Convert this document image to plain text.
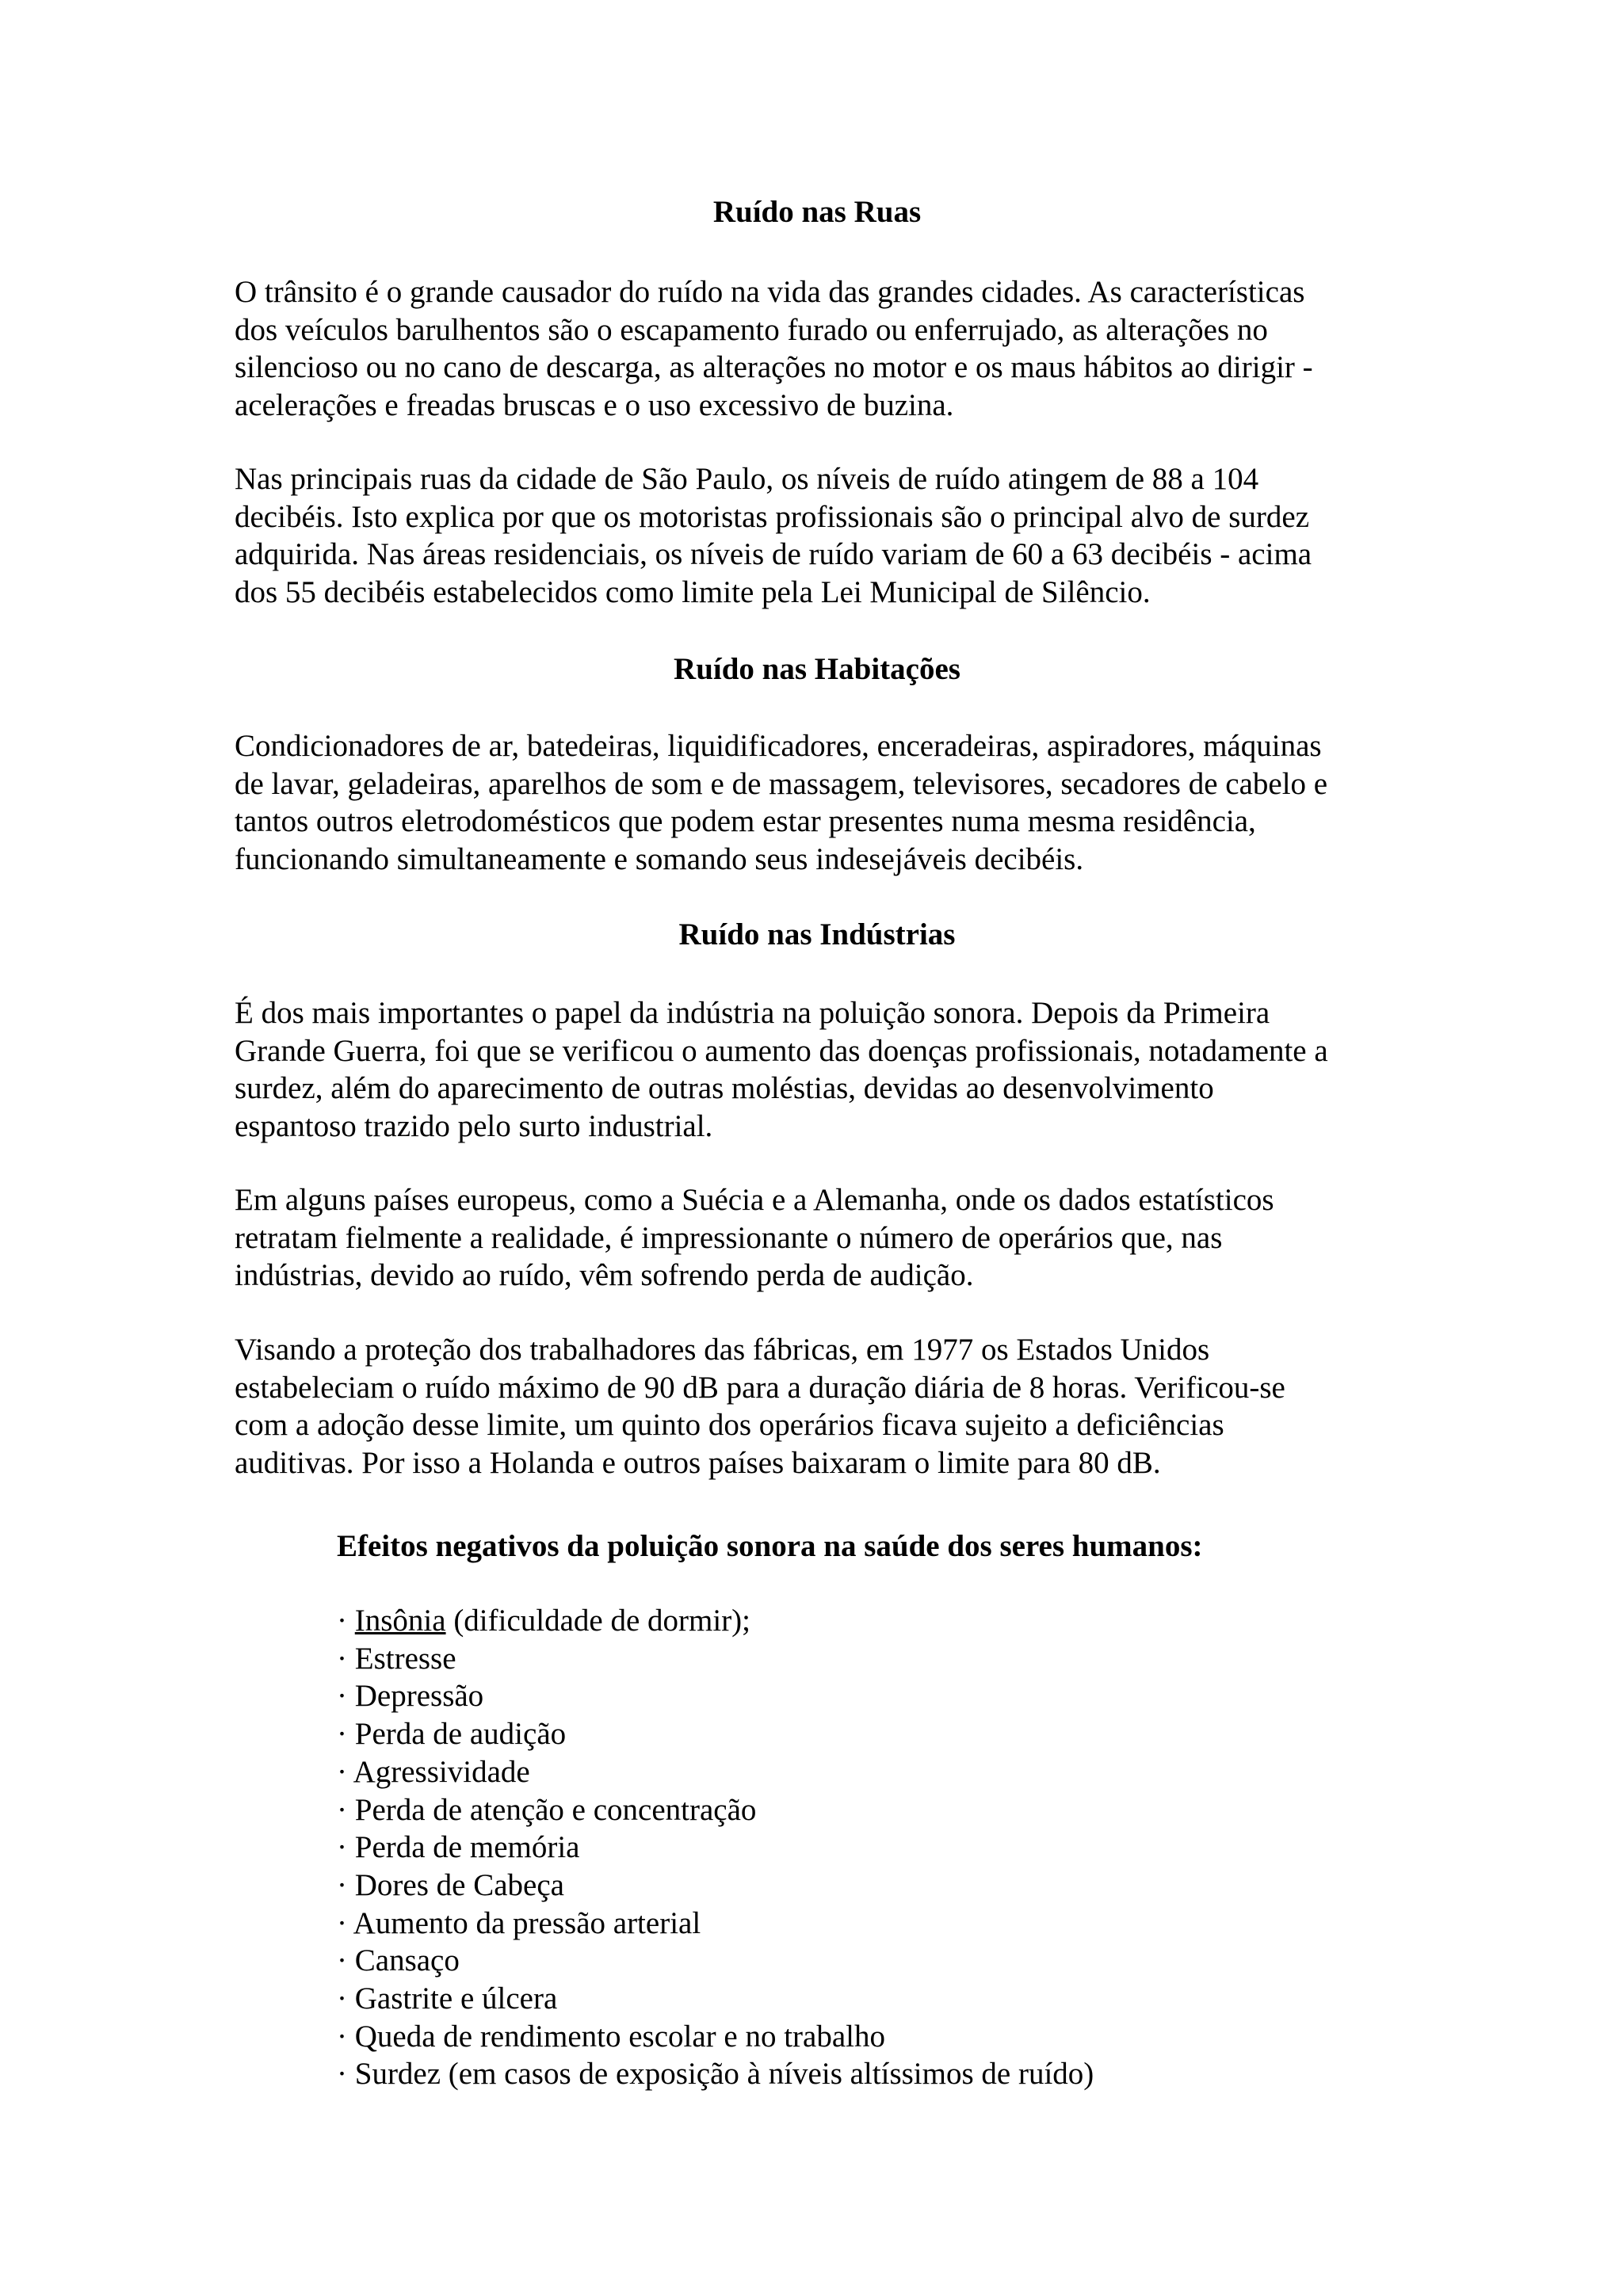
Ruído nas Ruas

O trânsito é o grande causador do ruído na vida das grandes cidades. As características
dos veículos barulhentos são o escapamento furado ou enferrujado, as alterações no
silencioso ou no cano de descarga, as alterações no motor e os maus hábitos ao dirigir -
acelerações e freadas bruscas e o uso excessivo de buzina.

Nas principais ruas da cidade de São Paulo, os níveis de ruído atingem de 88 a 104
decibéis. Isto explica por que os motoristas profissionais são o principal alvo de surdez
adquirida. Nas áreas residenciais, os níveis de ruído variam de 60 a 63 decibéis - acima
dos 55 decibéis estabelecidos como limite pela Lei Municipal de Silêncio.

Ruído nas Habitações

Condicionadores de ar, batedeiras, liquidificadores, enceradeiras, aspiradores, máquinas
de lavar, geladeiras, aparelhos de som e de massagem, televisores, secadores de cabelo e
tantos outros eletrodomésticos que podem estar presentes numa mesma residência,
funcionando simultaneamente e somando seus indesejáveis decibéis.

Ruído nas Indústrias

É dos mais importantes o papel da indústria na poluição sonora. Depois da Primeira
Grande Guerra, foi que se verificou o aumento das doenças profissionais, notadamente a
surdez, além do aparecimento de outras moléstias, devidas ao desenvolvimento
espantoso trazido pelo surto industrial.

Em alguns países europeus, como a Suécia e a Alemanha, onde os dados estatísticos
retratam fielmente a realidade, é impressionante o número de operários que, nas
indústrias, devido ao ruído, vêm sofrendo perda de audição.

Visando a proteção dos trabalhadores das fábricas, em 1977 os Estados Unidos
estabeleciam o ruído máximo de 90 dB para a duração diária de 8 horas. Verificou-se
com a adoção desse limite, um quinto dos operários ficava sujeito a deficiências
auditivas. Por isso a Holanda e outros países baixaram o limite para 80 dB.

Efeitos negativos da poluição sonora na saúde dos seres humanos:
· Insônia (dificuldade de dormir);
· Estresse
· Depressão
· Perda de audição
· Agressividade
· Perda de atenção e concentração
· Perda de memória
· Dores de Cabeça
· Aumento da pressão arterial
· Cansaço
· Gastrite e úlcera
· Queda de rendimento escolar e no trabalho
· Surdez (em casos de exposição à níveis altíssimos de ruído)
